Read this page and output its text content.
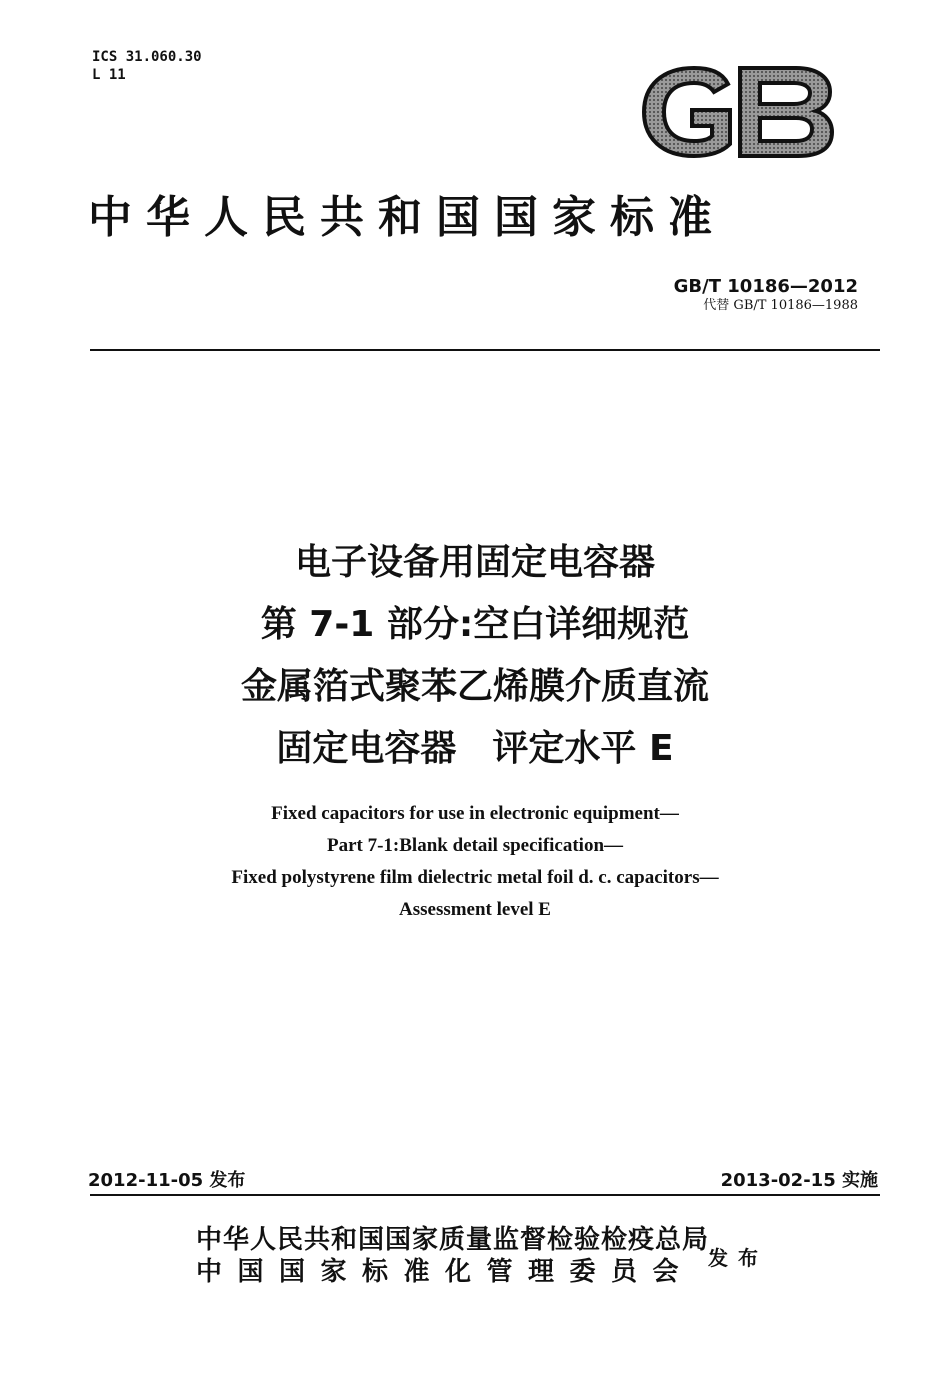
ICS 31.060.30
L 11
中华人民共和国国家标准
GB/T 10186—2012
代替 GB/T 10186—1988
电子设备用固定电容器
第 7-1 部分:空白详细规范
金属箔式聚苯乙烯膜介质直流
固定电容器　评定水平 E
Fixed capacitors for use in electronic equipment—
Part 7-1:Blank detail specification—
Fixed polystyrene film dielectric metal foil d. c. capacitors—
Assessment level E
2012-11-05 发布	2013-02-15 实施
中华人民共和国国家质量监督检验检疫总局
中国国家标准化管理委员会 发布
